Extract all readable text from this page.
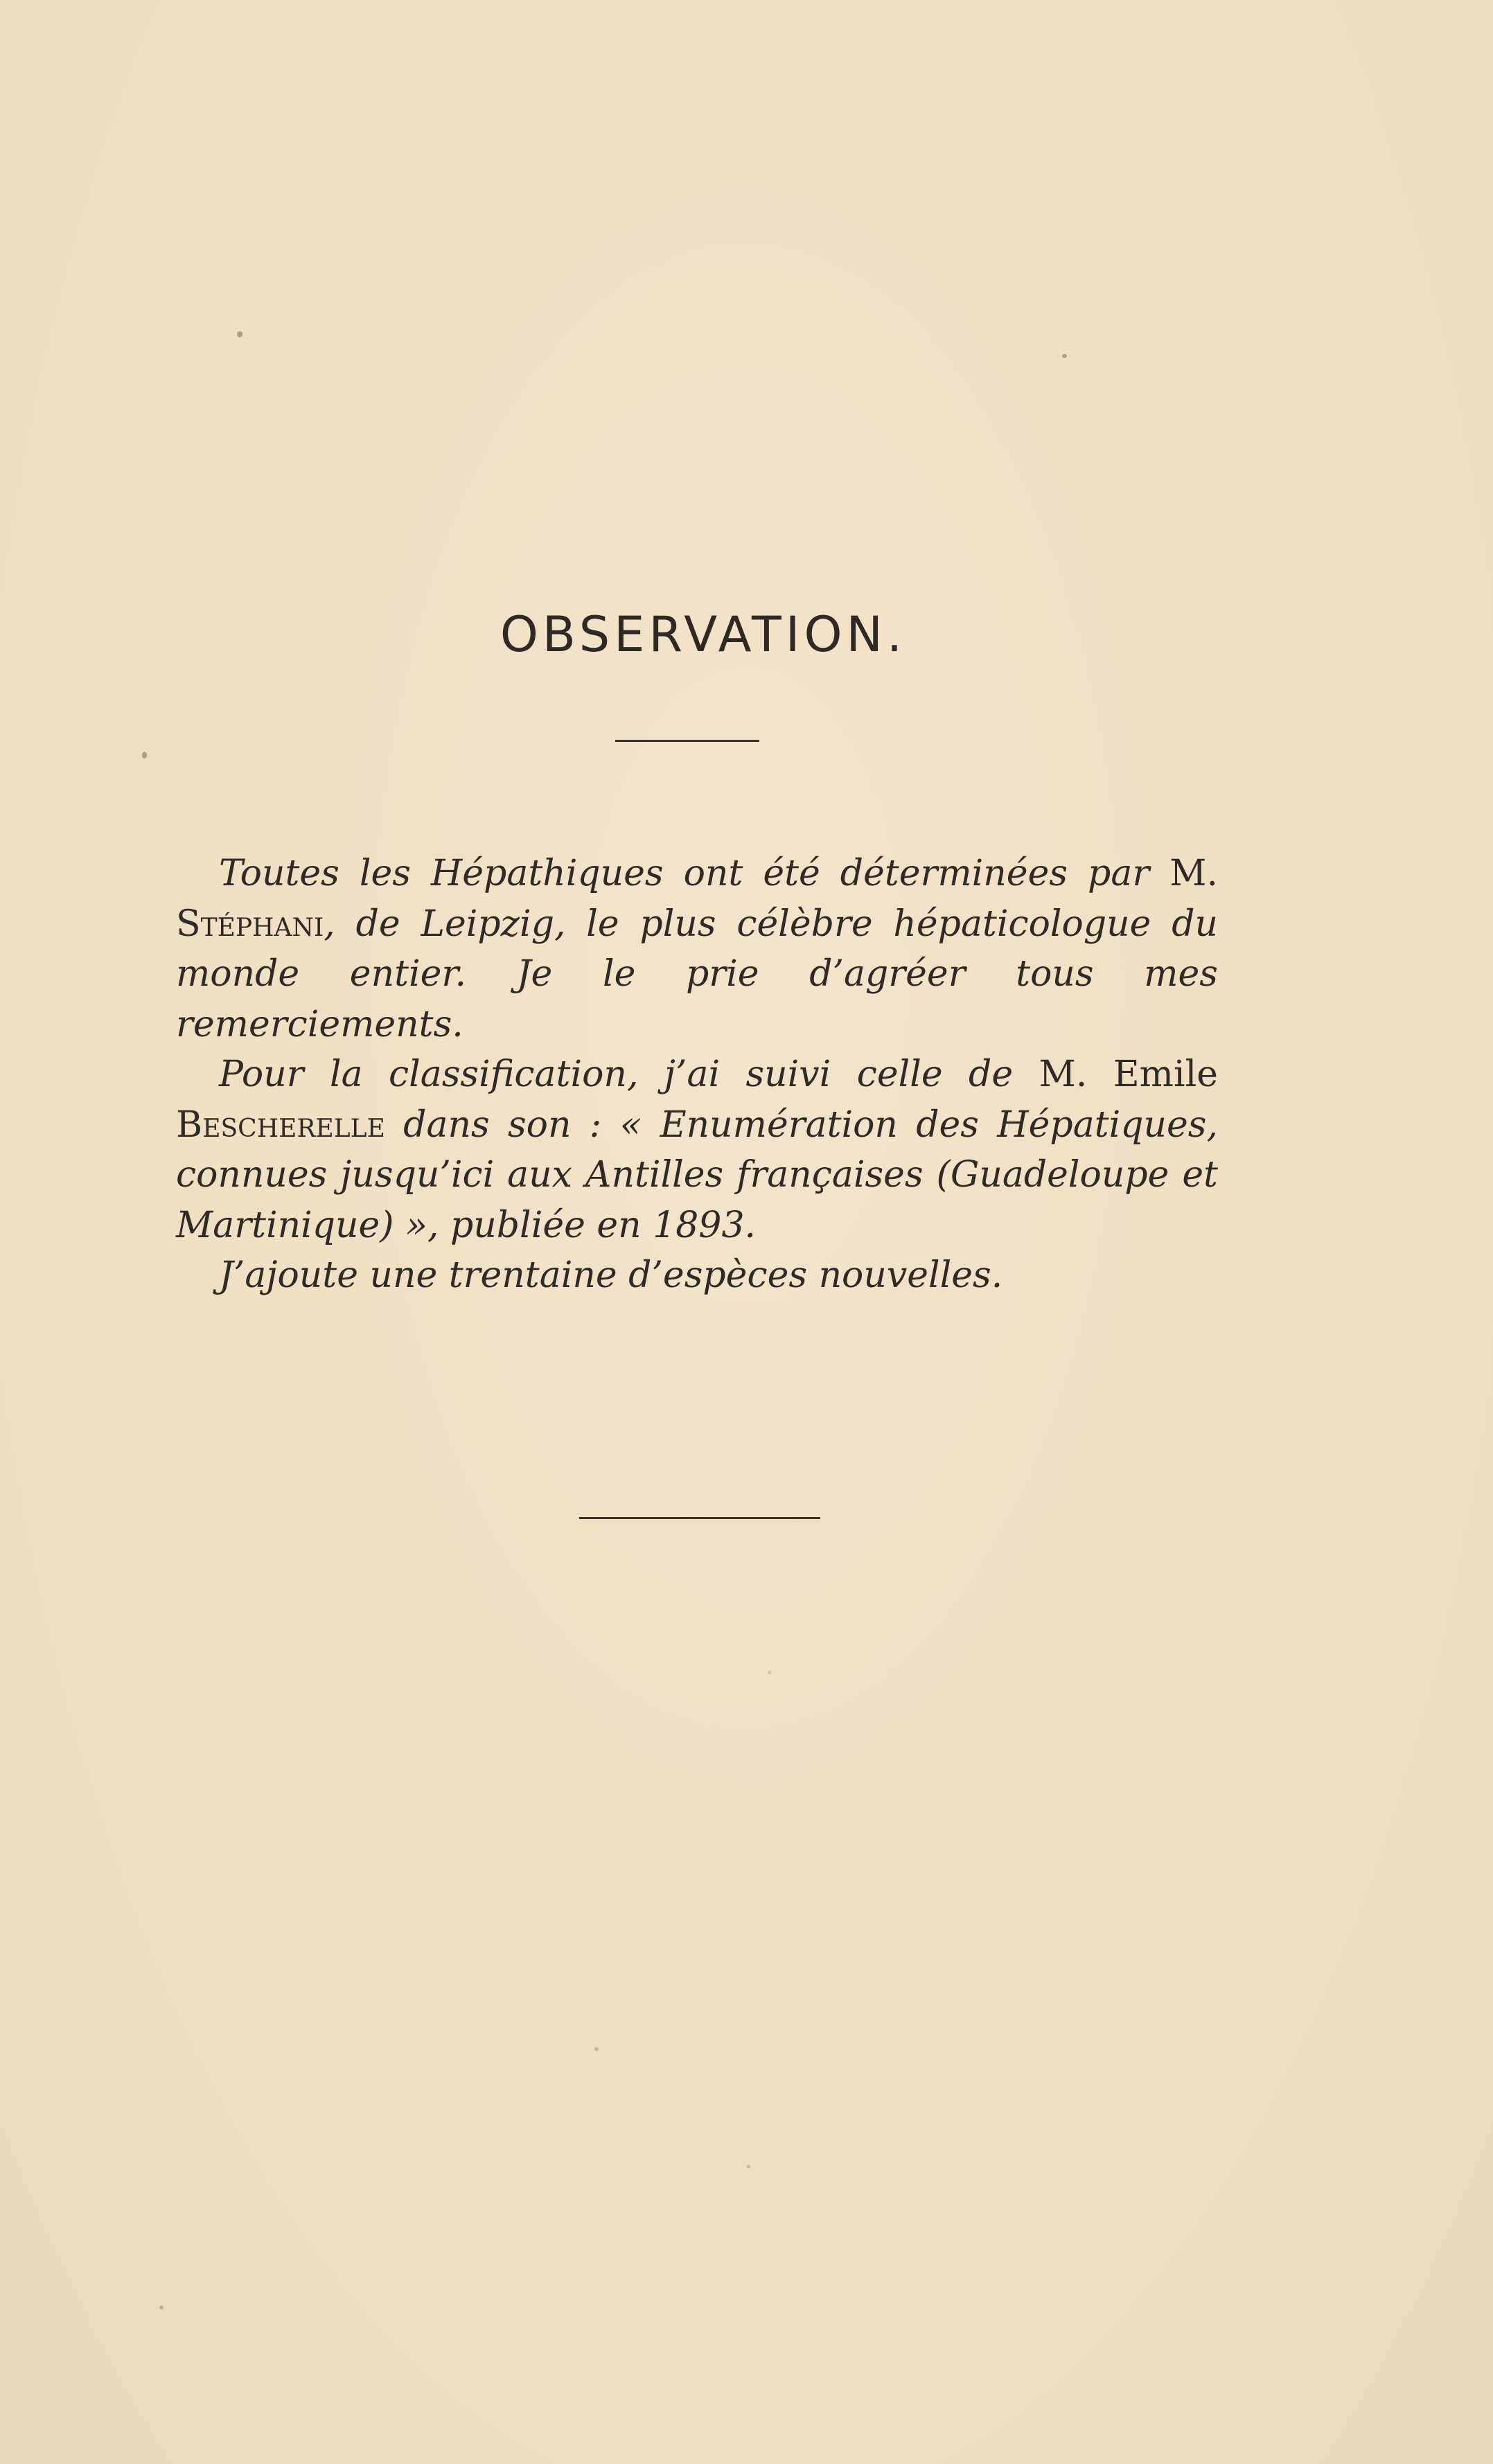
OBSERVATION.

Toutes les Hépathiques ont été déterminées par M. Stéphani, de Leipzig, le plus célèbre hépaticologue du monde entier. Je le prie d’agréer tous mes remerciements.

Pour la classification, j’ai suivi celle de M. Emile Bescherelle dans son : « Enumération des Hépatiques, connues jusqu’ici aux Antilles françaises (Guadeloupe et Martinique) », publiée en 1893.

J’ajoute une trentaine d’espèces nouvelles.
